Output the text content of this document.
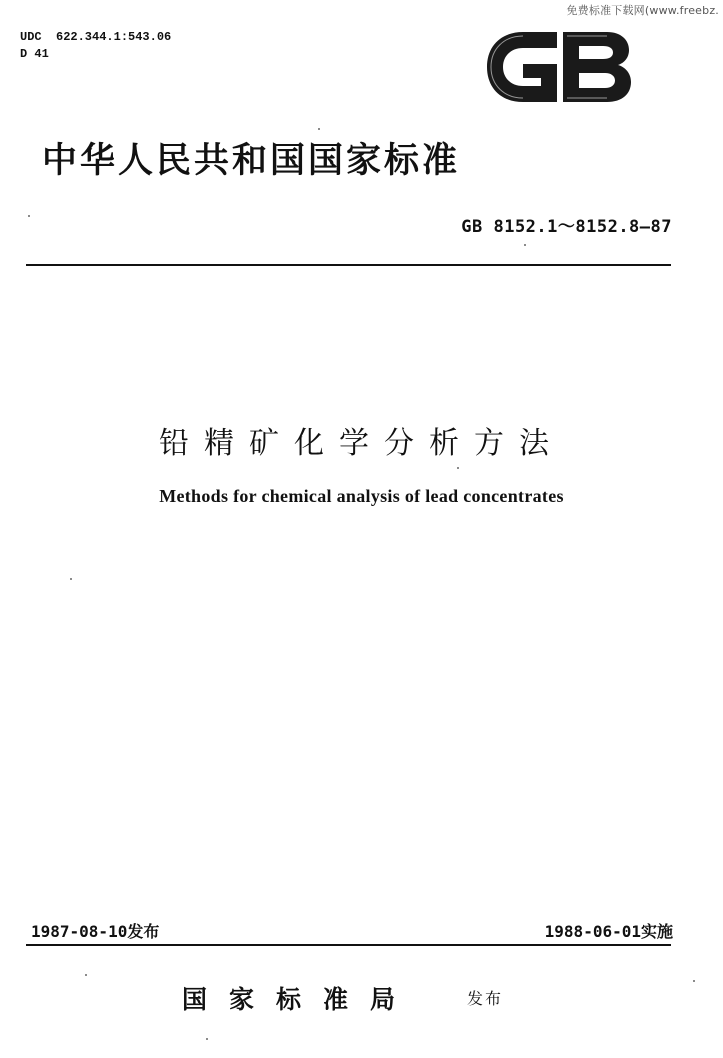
免费标准下载网(www.freebz.
UDC  622.344.1:543.06
D 41
中华人民共和国国家标准
GB 8152.1～8152.8—87
铅精矿化学分析方法
Methods for chemical analysis of lead concentrates
1987-08-10发布	1988-06-01实施
国家标准局	发布
